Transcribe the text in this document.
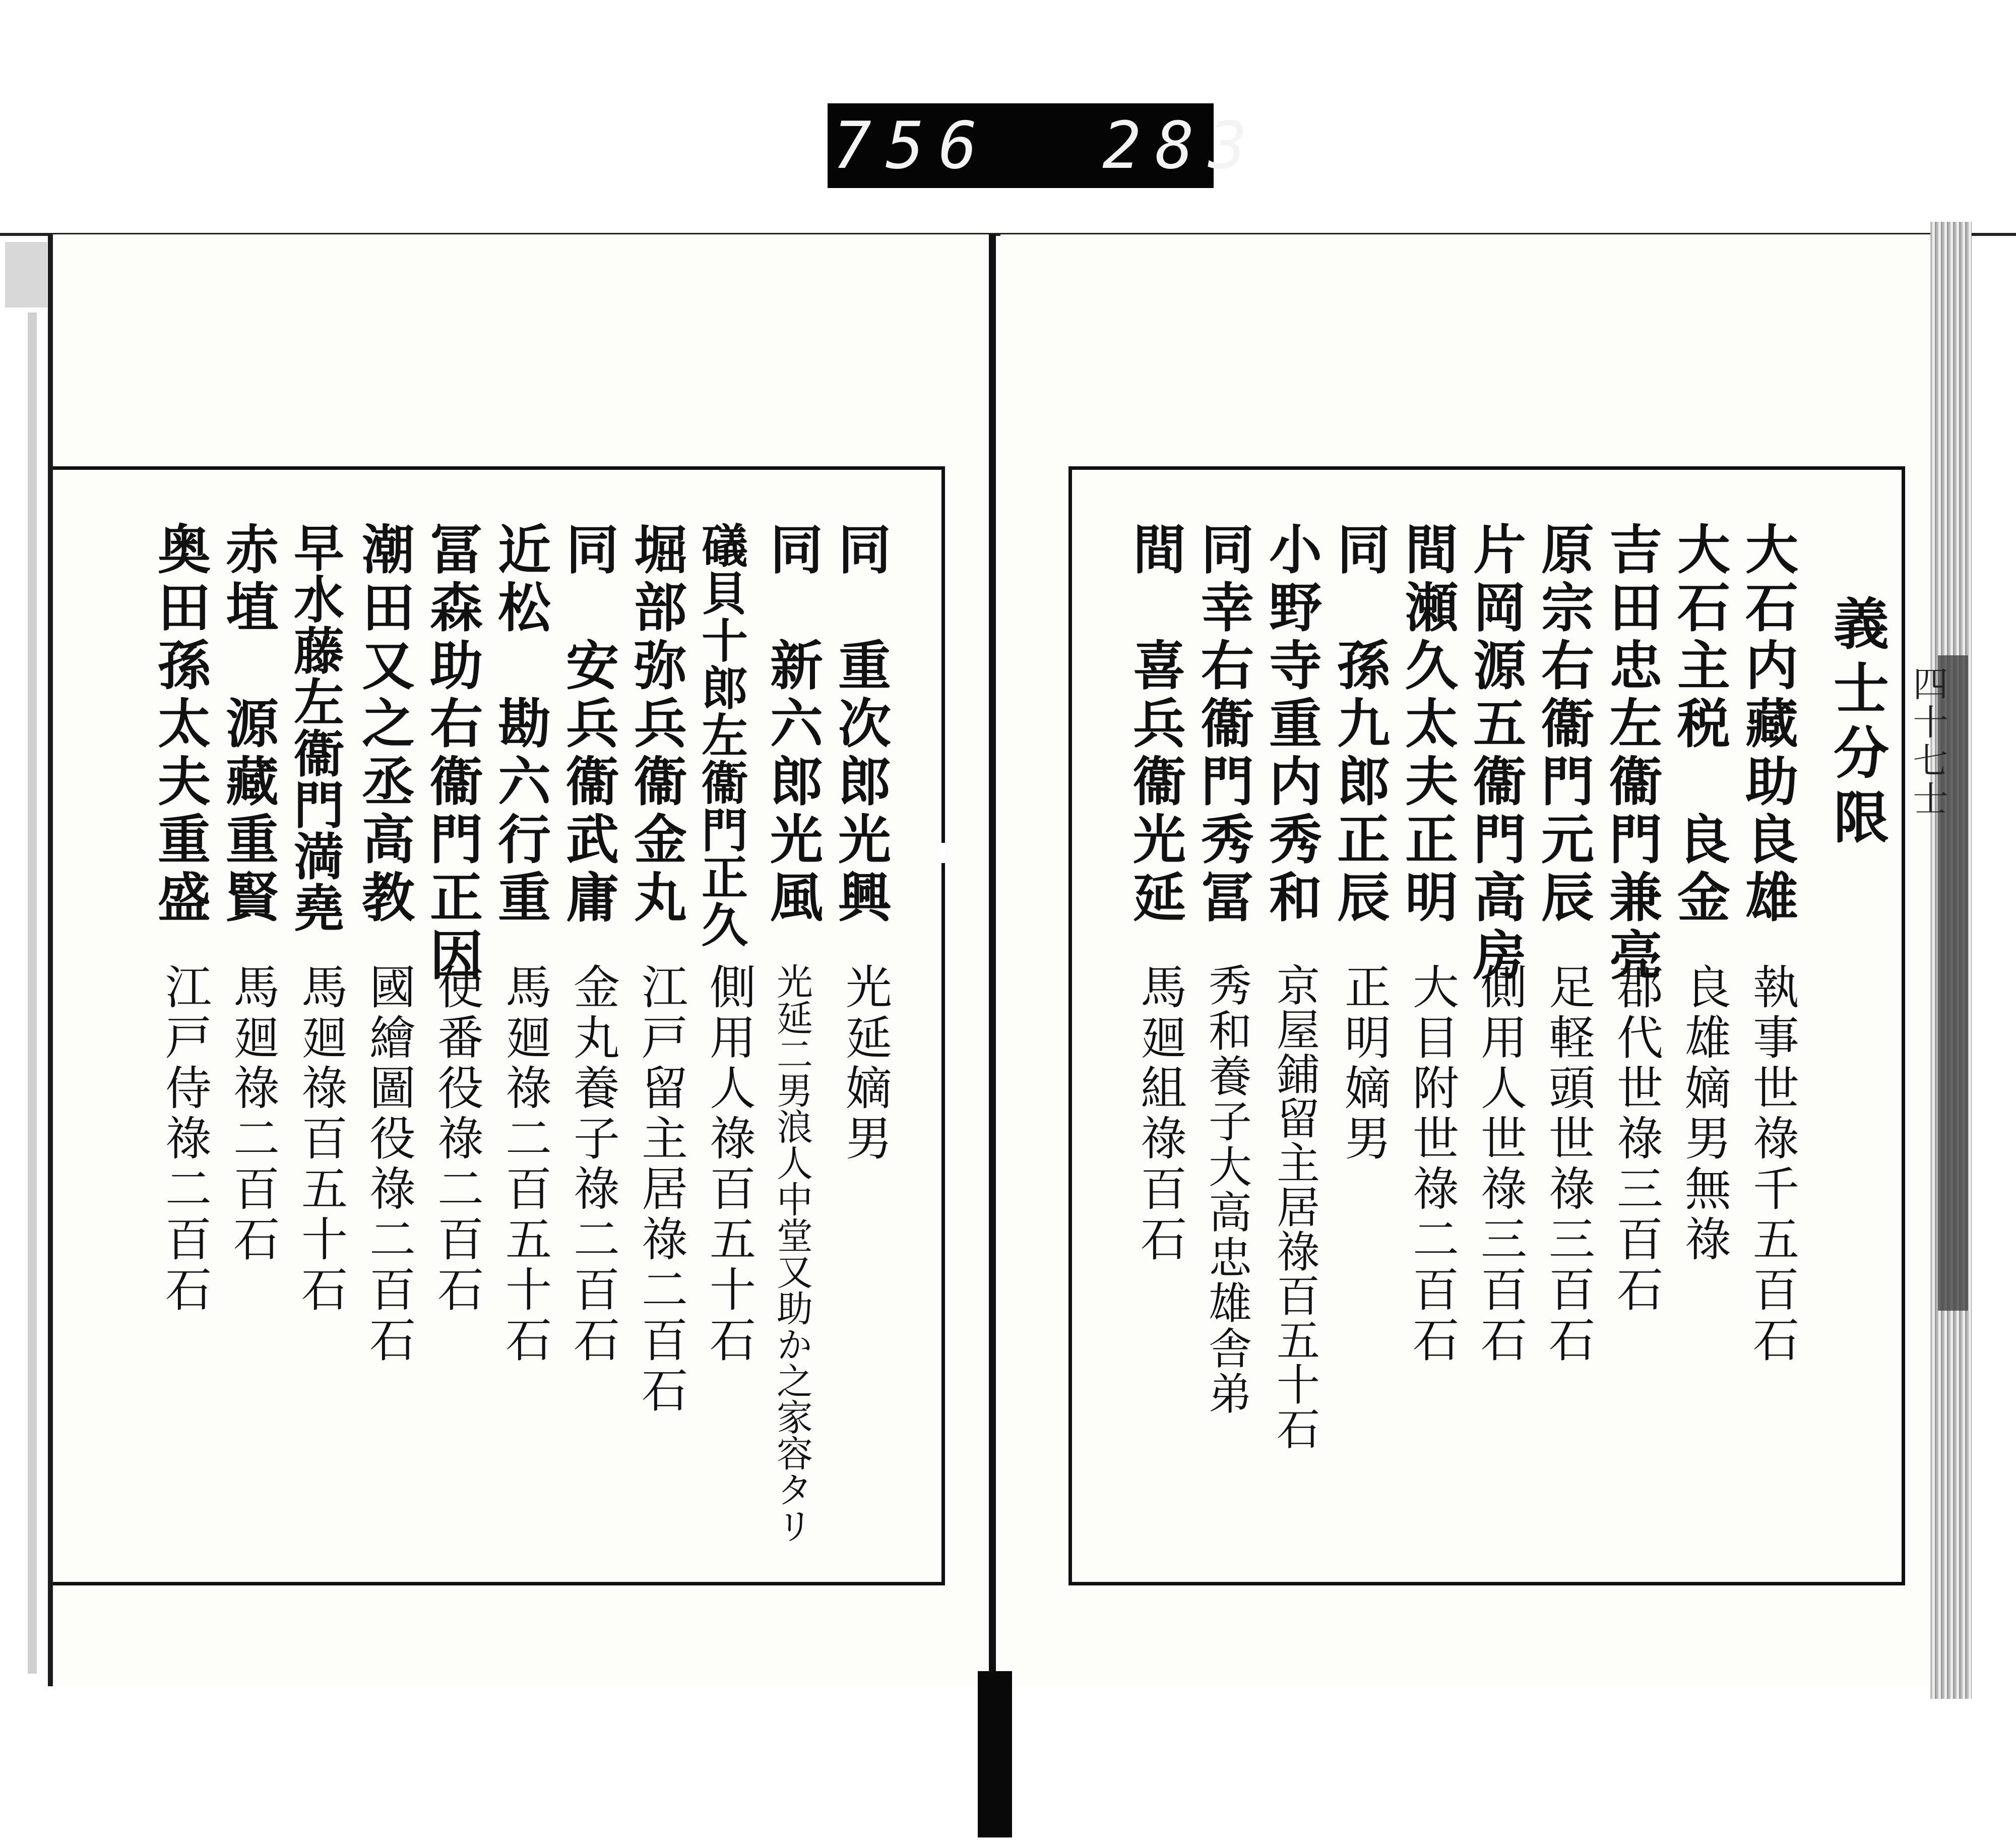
756 283
四十七士
義士分限
大石内藏助良雄
大石主税　良金
吉田忠左衞門兼亮
原宗右衞門元辰
片岡源五衞門高房
間瀬久太夫正明
同　孫九郎正辰
小野寺重内秀和
同幸右衞門秀冨
間　喜兵衞光延
執事世祿千五百石
良雄嫡男無祿
郡代世祿三百石
足軽頭世祿三百石
側用人世祿三百石
大目附世祿二百石
正明嫡男
京屋鋪留主居祿百五十石
秀和養子大高忠雄舎弟
馬廻組祿百石
同　重次郎光興
同　新六郎光風
礒貝十郎左衞門正久
堀部弥兵衞金丸
同　安兵衞武庸
近松　勘六行重
冨森助右衞門正因
潮田又之丞高教
早水藤左衞門満堯
赤埴　源藏重賢
奥田孫太夫重盛
光延嫡男
光延二男浪人中堂又助か之家容タリ
側用人祿百五十石
江戸留主居祿二百石
金丸養子祿二百石
馬廻祿二百五十石
使番役祿二百石
國繪圖役祿二百石
馬廻祿百五十石
馬廻祿二百石
江戸侍祿二百石
